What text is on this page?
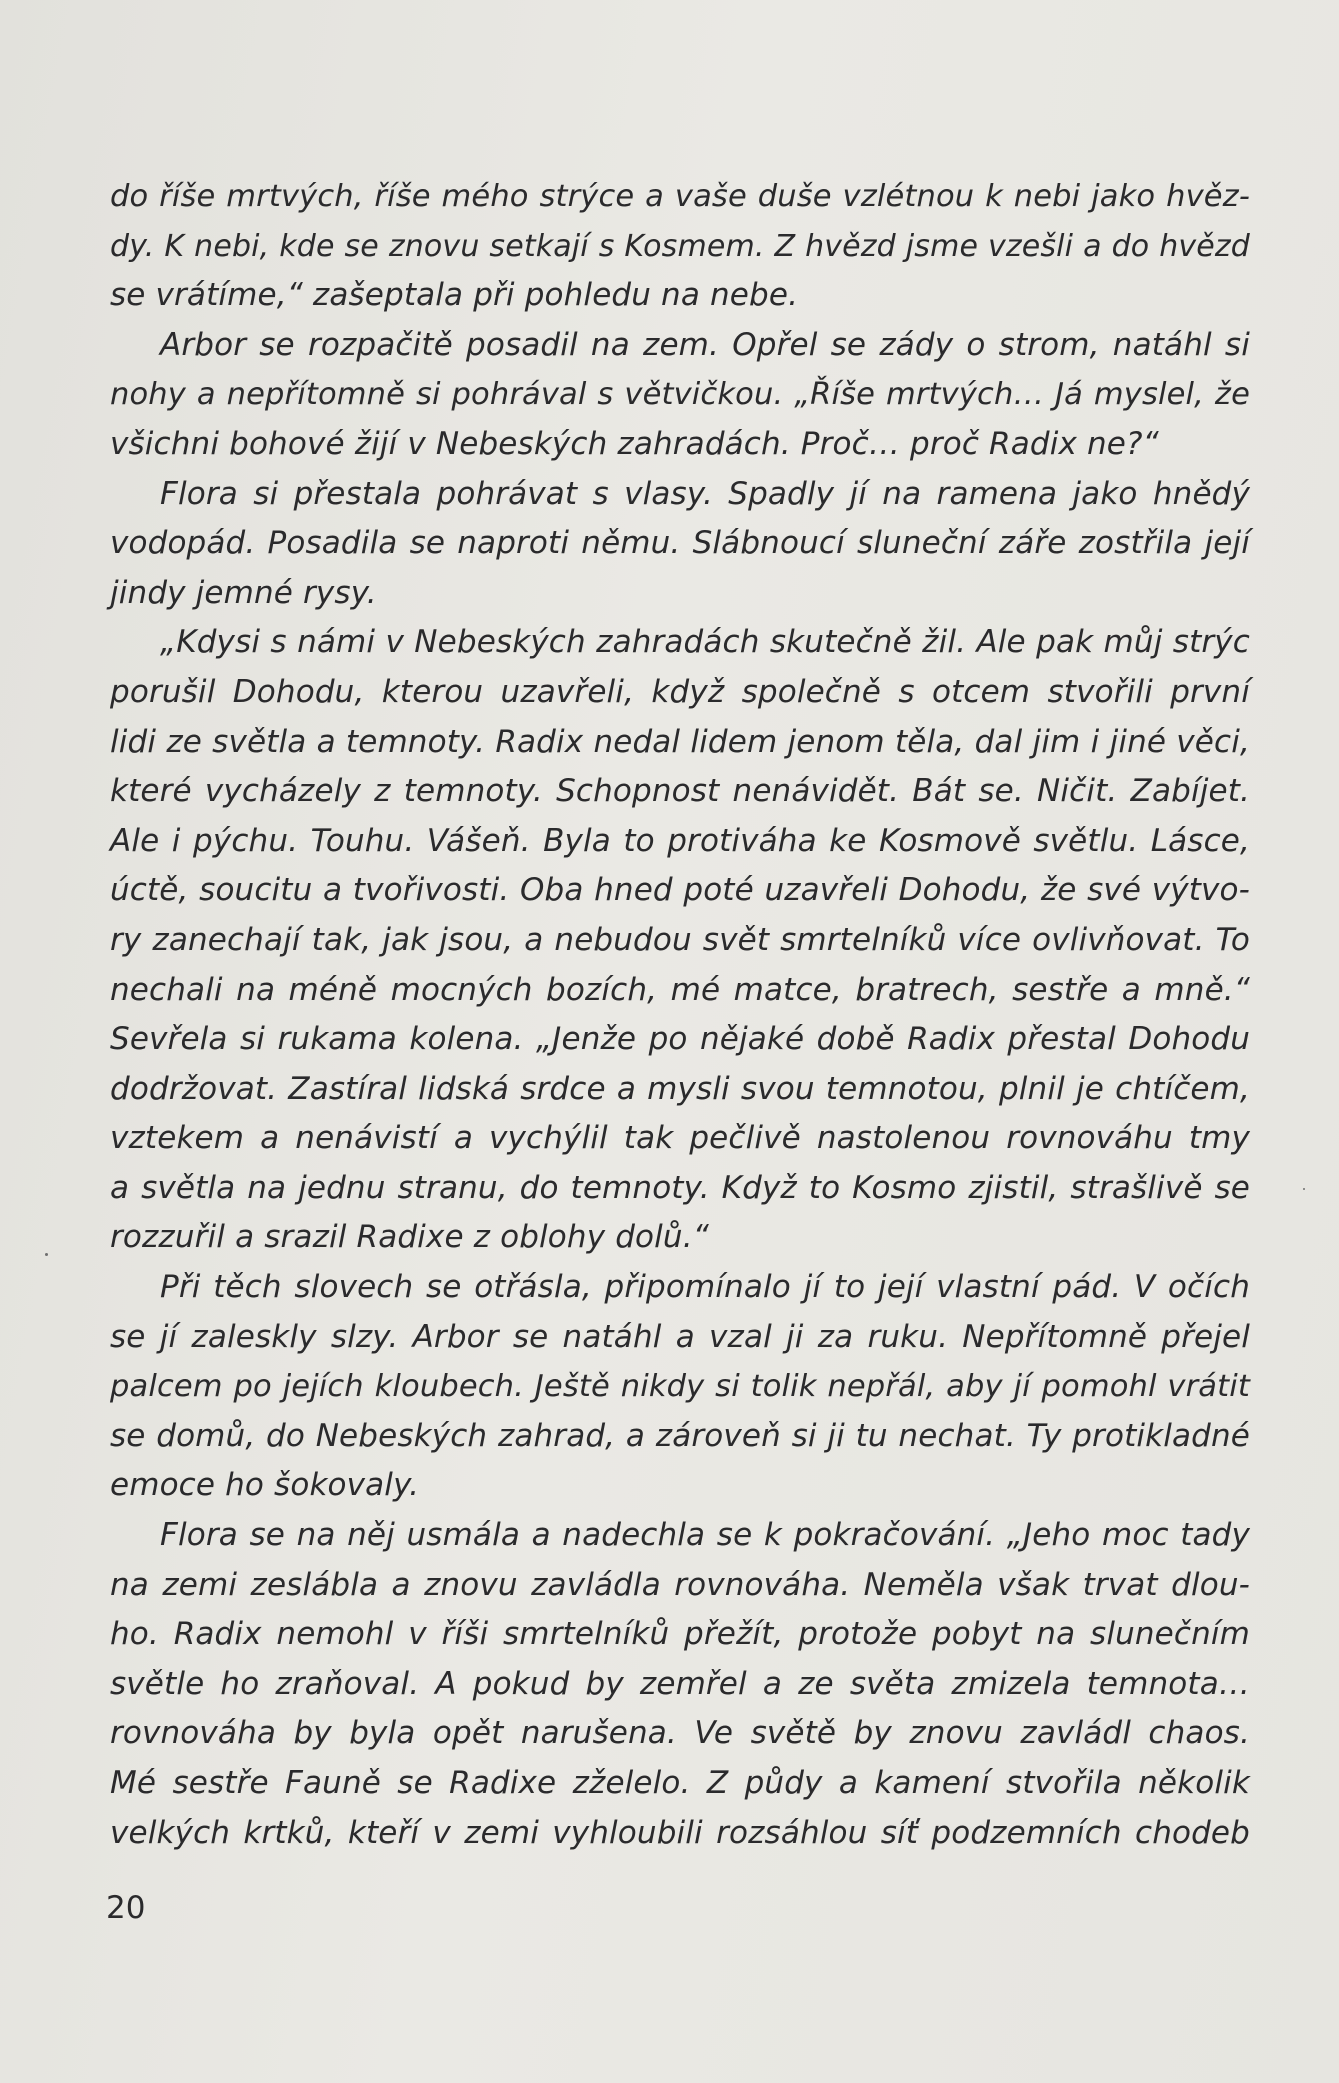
do říše mrtvých, říše mého strýce a vaše duše vzlétnou k nebi jako hvěz-
dy. K nebi, kde se znovu setkají s Kosmem. Z hvězd jsme vzešli a do hvězd
se vrátíme,“ zašeptala při pohledu na nebe.
Arbor se rozpačitě posadil na zem. Opřel se zády o strom, natáhl si
nohy a nepřítomně si pohrával s větvičkou. „Říše mrtvých… Já myslel, že
všichni bohové žijí v Nebeských zahradách. Proč… proč Radix ne?“
Flora si přestala pohrávat s vlasy. Spadly jí na ramena jako hnědý
vodopád. Posadila se naproti němu. Slábnoucí sluneční záře zostřila její
jindy jemné rysy.
„Kdysi s námi v Nebeských zahradách skutečně žil. Ale pak můj strýc
porušil Dohodu, kterou uzavřeli, když společně s otcem stvořili první
lidi ze světla a temnoty. Radix nedal lidem jenom těla, dal jim i jiné věci,
které vycházely z temnoty. Schopnost nenávidět. Bát se. Ničit. Zabíjet.
Ale i pýchu. Touhu. Vášeň. Byla to protiváha ke Kosmově světlu. Lásce,
úctě, soucitu a tvořivosti. Oba hned poté uzavřeli Dohodu, že své výtvo-
ry zanechají tak, jak jsou, a nebudou svět smrtelníků více ovlivňovat. To
nechali na méně mocných bozích, mé matce, bratrech, sestře a mně.“
Sevřela si rukama kolena. „Jenže po nějaké době Radix přestal Dohodu
dodržovat. Zastíral lidská srdce a mysli svou temnotou, plnil je chtíčem,
vztekem a nenávistí a vychýlil tak pečlivě nastolenou rovnováhu tmy
a světla na jednu stranu, do temnoty. Když to Kosmo zjistil, strašlivě se
rozzuřil a srazil Radixe z oblohy dolů.“
Při těch slovech se otřásla, připomínalo jí to její vlastní pád. V očích
se jí zaleskly slzy. Arbor se natáhl a vzal ji za ruku. Nepřítomně přejel
palcem po jejích kloubech. Ještě nikdy si tolik nepřál, aby jí pomohl vrátit
se domů, do Nebeských zahrad, a zároveň si ji tu nechat. Ty protikladné
emoce ho šokovaly.
Flora se na něj usmála a nadechla se k pokračování. „Jeho moc tady
na zemi zeslábla a znovu zavládla rovnováha. Neměla však trvat dlou-
ho. Radix nemohl v říši smrtelníků přežít, protože pobyt na slunečním
světle ho zraňoval. A pokud by zemřel a ze světa zmizela temnota…
rovnováha by byla opět narušena. Ve světě by znovu zavládl chaos.
Mé sestře Fauně se Radixe zželelo. Z půdy a kamení stvořila několik
velkých krtků, kteří v zemi vyhloubili rozsáhlou síť podzemních chodeb
20
